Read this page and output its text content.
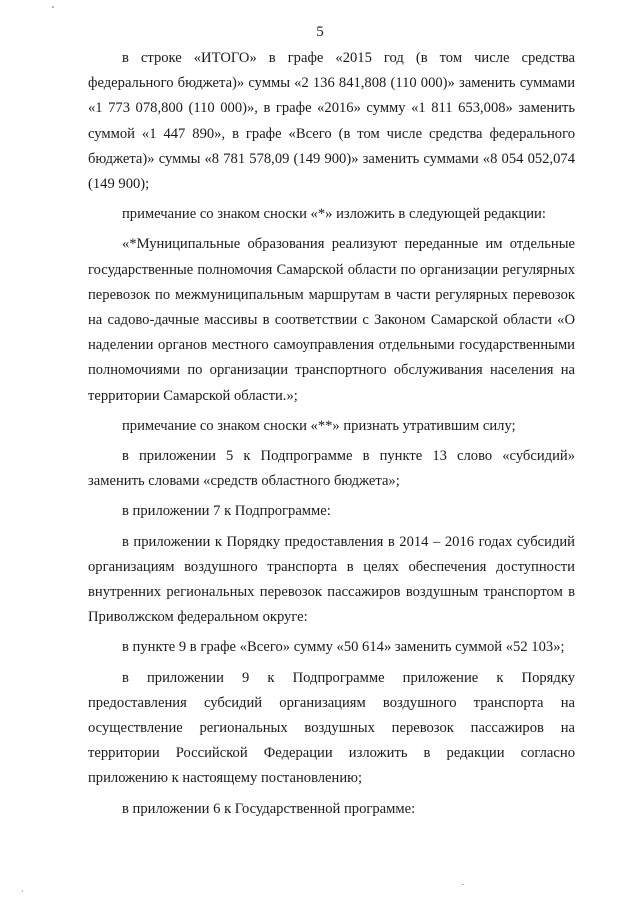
5

в строке «ИТОГО» в графе «2015 год (в том числе средства федерального бюджета)» суммы «2 136 841,808 (110 000)» заменить суммами «1 773 078,800 (110 000)», в графе «2016» сумму «1 811 653,008» заменить суммой «1 447 890», в графе «Всего (в том числе средства федерального бюджета)» суммы «8 781 578,09 (149 900)» заменить суммами «8 054 052,074 (149 900);

примечание со знаком сноски «*» изложить в следующей редакции:

«*Муниципальные образования реализуют переданные им отдельные государственные полномочия Самарской области по организации регулярных перевозок по межмуниципальным маршрутам в части регулярных перевозок на садово-дачные массивы в соответствии с Законом Самарской области «О наделении органов местного самоуправления отдельными государственными полномочиями по организации транспортного обслуживания населения на территории Самарской области.»;

примечание со знаком сноски «**» признать утратившим силу;

в приложении 5 к Подпрограмме в пункте 13 слово «субсидий» заменить словами «средств областного бюджета»;

в приложении 7 к Подпрограмме:

в приложении к Порядку предоставления в 2014 – 2016 годах субсидий организациям воздушного транспорта в целях обеспечения доступности внутренних региональных перевозок пассажиров воздушным транспортом в Приволжском федеральном округе:

в пункте 9 в графе «Всего» сумму «50 614» заменить суммой «52 103»;

в приложении 9 к Подпрограмме приложение к Порядку предоставления субсидий организациям воздушного транспорта на осуществление региональных воздушных перевозок пассажиров на территории Российской Федерации изложить в редакции согласно приложению к настоящему постановлению;

в приложении 6 к Государственной программе:
